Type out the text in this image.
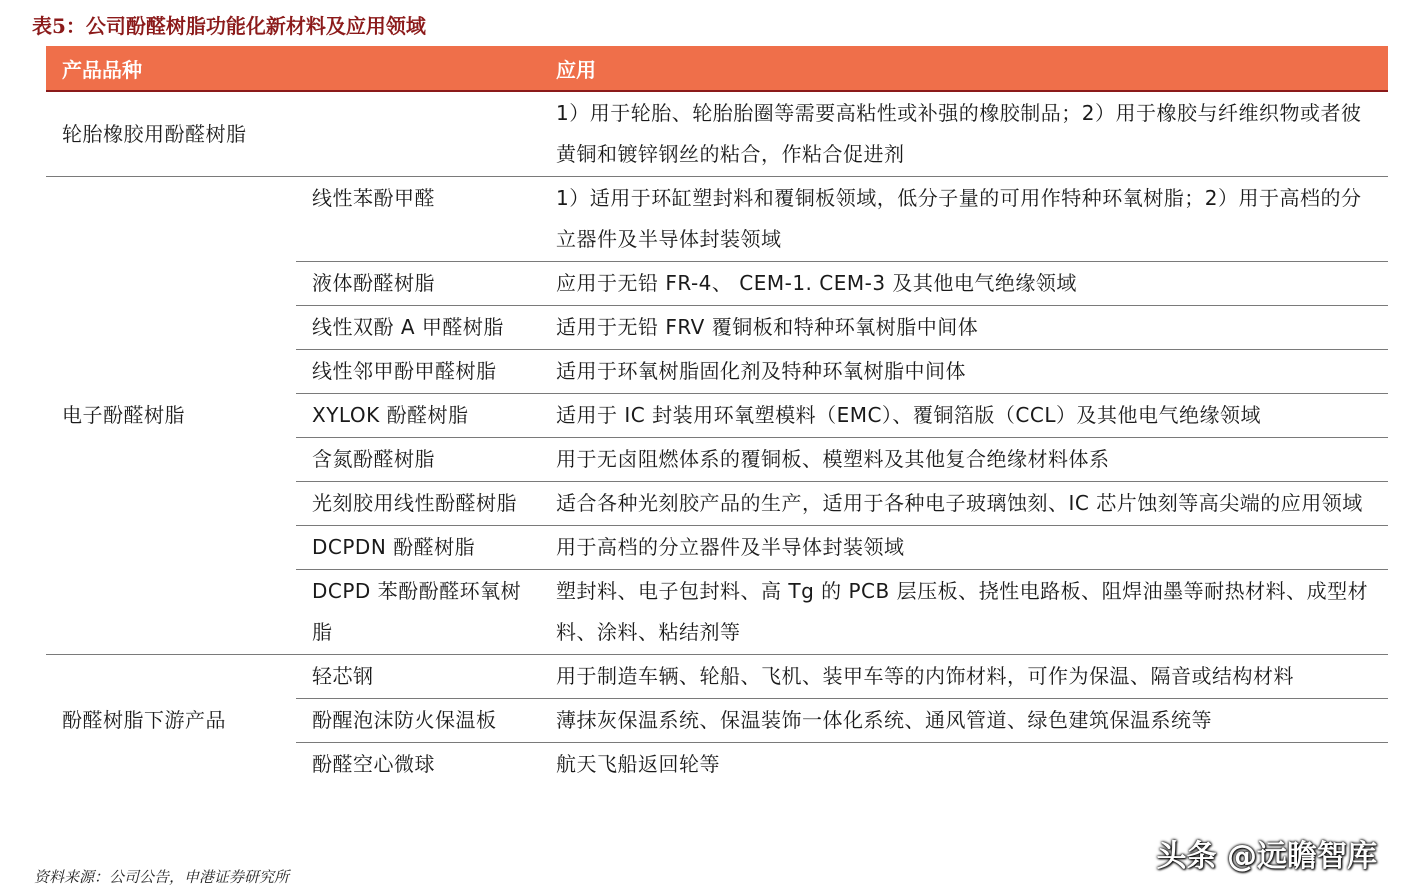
表5：公司酚醛树脂功能化新材料及应用领域
产品品种		应用
轮胎橡胶用酚醛树脂		1）用于轮胎、轮胎胎圈等需要高粘性或补强的橡胶制品；2）用于橡胶与纤维织物或者彼黄铜和镀锌钢丝的粘合，作粘合促进剂
电子酚醛树脂	线性苯酚甲醛	1）适用于环缸塑封料和覆铜板领域，低分子量的可用作特种环氧树脂；2）用于高档的分立器件及半导体封装领域
	液体酚醛树脂	应用于无铅 FR-4、 CEM-1. CEM-3 及其他电气绝缘领域
	线性双酚 A 甲醛树脂	适用于无铅 FRV 覆铜板和特种环氧树脂中间体
	线性邻甲酚甲醛树脂	适用于环氧树脂固化剂及特种环氧树脂中间体
	XYLOK 酚醛树脂	适用于 IC 封装用环氧塑模料（EMC）、覆铜箔版（CCL）及其他电气绝缘领域
	含氮酚醛树脂	用于无卤阻燃体系的覆铜板、模塑料及其他复合绝缘材料体系
	光刻胶用线性酚醛树脂	适合各种光刻胶产品的生产，适用于各种电子玻璃蚀刻、IC 芯片蚀刻等高尖端的应用领域
	DCPDN 酚醛树脂	用于高档的分立器件及半导体封装领域
	DCPD 苯酚酚醛环氧树脂	塑封料、电子包封料、高 Tg 的 PCB 层压板、挠性电路板、阻焊油墨等耐热材料、成型材料、涂料、粘结剂等
酚醛树脂下游产品	轻芯钢	用于制造车辆、轮船、飞机、装甲车等的内饰材料，可作为保温、隔音或结构材料
	酚醒泡沫防火保温板	薄抹灰保温系统、保温装饰一体化系统、通风管道、绿色建筑保温系统等
	酚醛空心微球	航天飞船返回轮等
资料来源：公司公告，申港证券研究所
头条 @远瞻智库
